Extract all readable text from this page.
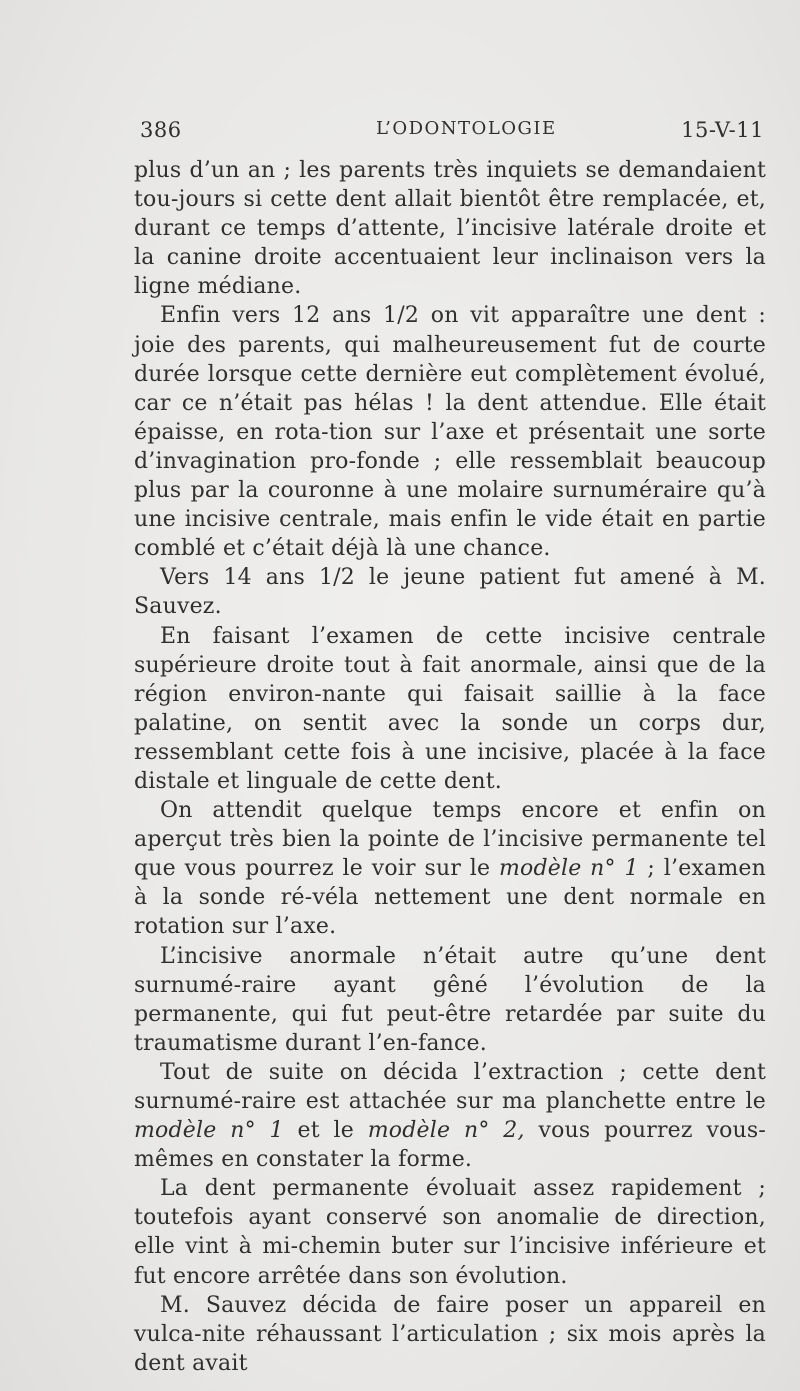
386	L’ODONTOLOGIE	15-V-11

plus d’un an ; les parents très inquiets se demandaient tou-jours si cette dent allait bientôt être remplacée, et, durant ce temps d’attente, l’incisive latérale droite et la canine droite accentuaient leur inclinaison vers la ligne médiane.

Enfin vers 12 ans 1/2 on vit apparaître une dent : joie des parents, qui malheureusement fut de courte durée lorsque cette dernière eut complètement évolué, car ce n’était pas hélas ! la dent attendue. Elle était épaisse, en rota-tion sur l’axe et présentait une sorte d’invagination pro-fonde ; elle ressemblait beaucoup plus par la couronne à une molaire surnuméraire qu’à une incisive centrale, mais enfin le vide était en partie comblé et c’était déjà là une chance.

Vers 14 ans 1/2 le jeune patient fut amené à M. Sauvez.

En faisant l’examen de cette incisive centrale supérieure droite tout à fait anormale, ainsi que de la région environ-nante qui faisait saillie à la face palatine, on sentit avec la sonde un corps dur, ressemblant cette fois à une incisive, placée à la face distale et linguale de cette dent.

On attendit quelque temps encore et enfin on aperçut très bien la pointe de l’incisive permanente tel que vous pourrez le voir sur le modèle n° 1 ; l’examen à la sonde ré-véla nettement une dent normale en rotation sur l’axe.

L’incisive anormale n’était autre qu’une dent surnumé-raire ayant gêné l’évolution de la permanente, qui fut peut-être retardée par suite du traumatisme durant l’en-fance.

Tout de suite on décida l’extraction ; cette dent surnumé-raire est attachée sur ma planchette entre le modèle n° 1 et le modèle n° 2, vous pourrez vous-mêmes en constater la forme.

La dent permanente évoluait assez rapidement ; toutefois ayant conservé son anomalie de direction, elle vint à mi-chemin buter sur l’incisive inférieure et fut encore arrêtée dans son évolution.

M. Sauvez décida de faire poser un appareil en vulca-nite réhaussant l’articulation ; six mois après la dent avait
